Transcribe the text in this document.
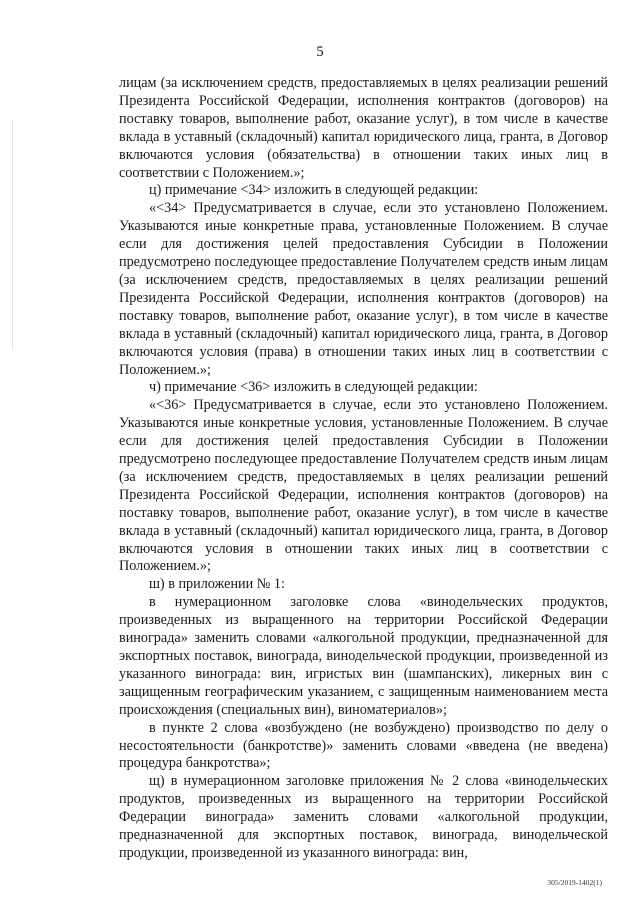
5

лицам (за исключением средств, предоставляемых в целях реализации решений Президента Российской Федерации, исполнения контрактов (договоров) на поставку товаров, выполнение работ, оказание услуг), в том числе в качестве вклада в уставный (складочный) капитал юридического лица, гранта, в Договор включаются условия (обязательства) в отношении таких иных лиц в соответствии с Положением.»;

ц) примечание <34> изложить в следующей редакции:

«<34> Предусматривается в случае, если это установлено Положением. Указываются иные конкретные права, установленные Положением. В случае если для достижения целей предоставления Субсидии в Положении предусмотрено последующее предоставление Получателем средств иным лицам (за исключением средств, предоставляемых в целях реализации решений Президента Российской Федерации, исполнения контрактов (договоров) на поставку товаров, выполнение работ, оказание услуг), в том числе в качестве вклада в уставный (складочный) капитал юридического лица, гранта, в Договор включаются условия (права) в отношении таких иных лиц в соответствии с Положением.»;

ч) примечание <36> изложить в следующей редакции:

«<36> Предусматривается в случае, если это установлено Положением. Указываются иные конкретные условия, установленные Положением. В случае если для достижения целей предоставления Субсидии в Положении предусмотрено последующее предоставление Получателем средств иным лицам (за исключением средств, предоставляемых в целях реализации решений Президента Российской Федерации, исполнения контрактов (договоров) на поставку товаров, выполнение работ, оказание услуг), в том числе в качестве вклада в уставный (складочный) капитал юридического лица, гранта, в Договор включаются условия в отношении таких иных лиц в соответствии с Положением.»;

ш) в приложении № 1:

в нумерационном заголовке слова «винодельческих продуктов, произведенных из выращенного на территории Российской Федерации винограда» заменить словами «алкогольной продукции, предназначенной для экспортных поставок, винограда, винодельческой продукции, произведенной из указанного винограда: вин, игристых вин (шампанских), ликерных вин с защищенным географическим указанием, с защищенным наименованием места происхождения (специальных вин), виноматериалов»;

в пункте 2 слова «возбуждено (не возбуждено) производство по делу о несостоятельности (банкротстве)» заменить словами «введена (не введена) процедура банкротства»;

щ) в нумерационном заголовке приложения № 2 слова «винодельческих продуктов, произведенных из выращенного на территории Российской Федерации винограда» заменить словами «алкогольной продукции, предназначенной для экспортных поставок, винограда, винодельческой продукции, произведенной из указанного винограда: вин,

305/2019-1402(1)
